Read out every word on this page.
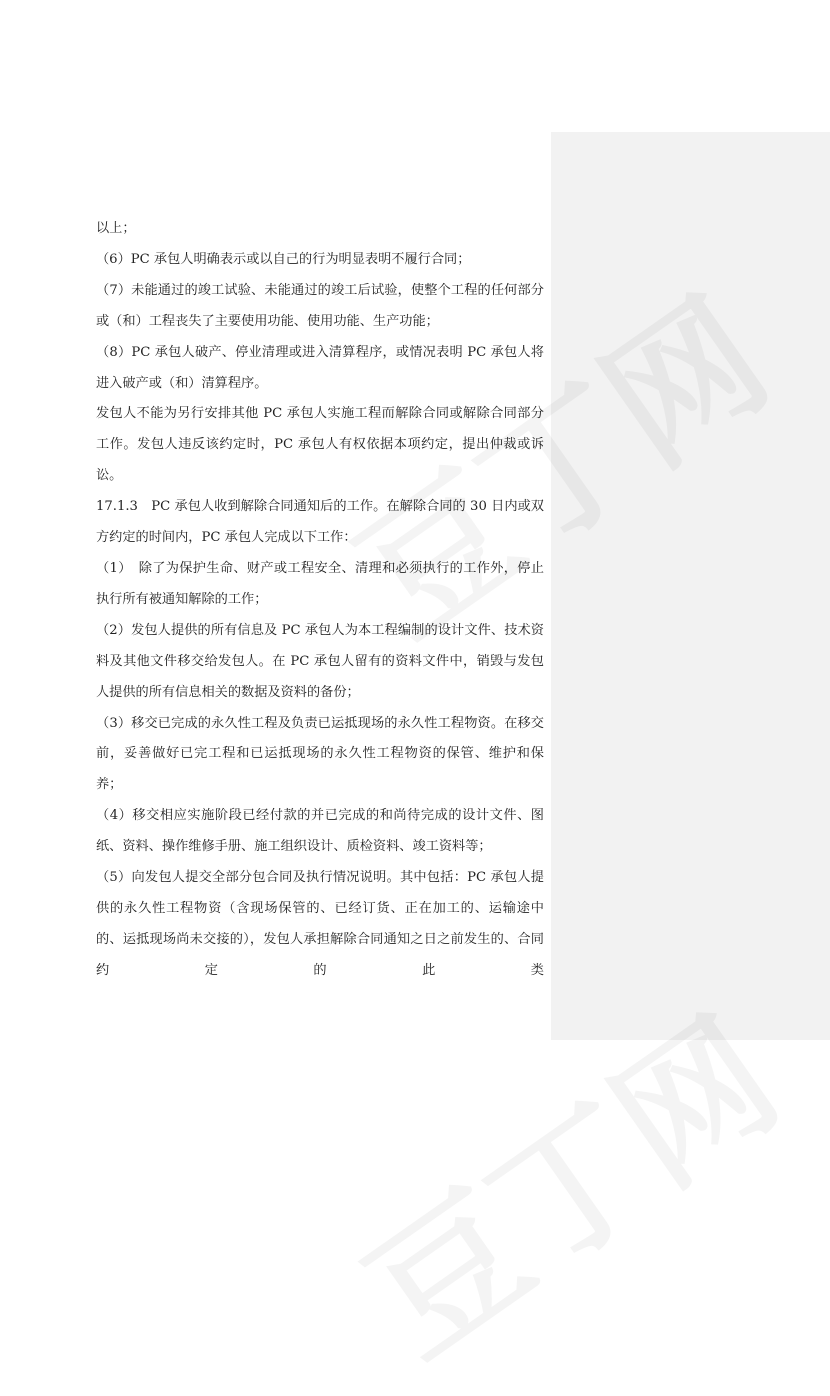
以上；

（6）PC 承包人明确表示或以自己的行为明显表明不履行合同；

（7）未能通过的竣工试验、未能通过的竣工后试验，使整个工程的任何部分或（和）工程丧失了主要使用功能、使用功能、生产功能；

（8）PC 承包人破产、停业清理或进入清算程序，或情况表明 PC 承包人将进入破产或（和）清算程序。

发包人不能为另行安排其他 PC 承包人实施工程而解除合同或解除合同部分工作。发包人违反该约定时，PC 承包人有权依据本项约定，提出仲裁或诉讼。

17.1.3　PC 承包人收到解除合同通知后的工作。在解除合同的 30 日内或双方约定的时间内，PC 承包人完成以下工作：

（1）　除了为保护生命、财产或工程安全、清理和必须执行的工作外，停止执行所有被通知解除的工作；

（2）发包人提供的所有信息及 PC 承包人为本工程编制的设计文件、技术资料及其他文件移交给发包人。在 PC 承包人留有的资料文件中，销毁与发包人提供的所有信息相关的数据及资料的备份；

（3）移交已完成的永久性工程及负责已运抵现场的永久性工程物资。在移交前，妥善做好已完工程和已运抵现场的永久性工程物资的保管、维护和保养；

（4）移交相应实施阶段已经付款的并已完成的和尚待完成的设计文件、图纸、资料、操作维修手册、施工组织设计、质检资料、竣工资料等；

（5）向发包人提交全部分包合同及执行情况说明。其中包括：PC 承包人提供的永久性工程物资（含现场保管的、已经订货、正在加工的、运输途中的、运抵现场尚未交接的），发包人承担解除合同通知之日之前发生的、合同约定的此类
